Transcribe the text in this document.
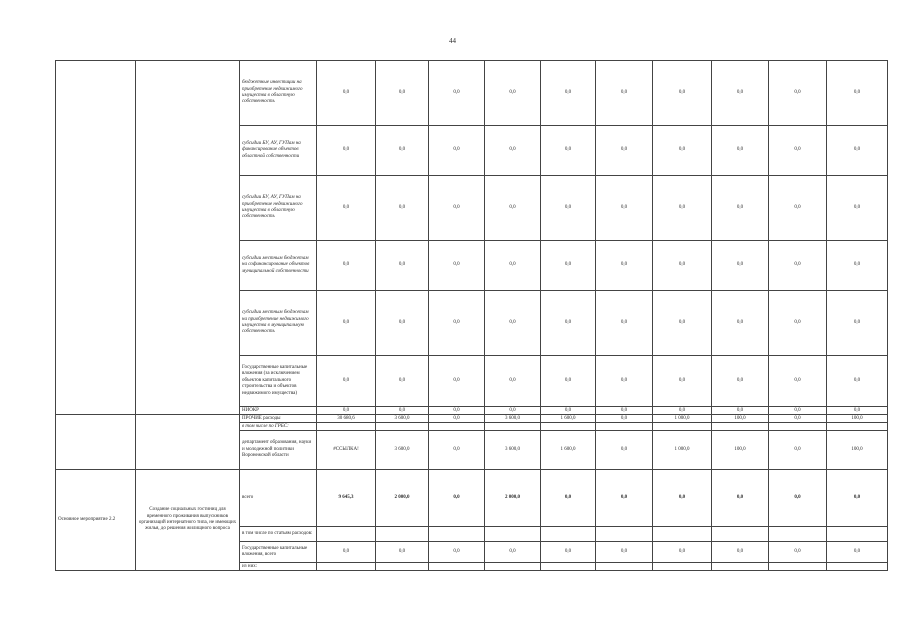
44
		бюджетные инвестиции на приобретение недвижимого имущества в областную собственность	0,0	0,0	0,0	0,0	0,0	0,0	0,0	0,0	0,0	0,0
		субсидии БУ, АУ, ГУПам на финансирование объектов областной собственности	0,0	0,0	0,0	0,0	0,0	0,0	0,0	0,0	0,0	0,0
		субсидии БУ, АУ, ГУПам на приобретение недвижимого имущества в областную собственность	0,0	0,0	0,0	0,0	0,0	0,0	0,0	0,0	0,0	0,0
		субсидии местным бюджетам на софинансирование объектов муниципальной собственности	0,0	0,0	0,0	0,0	0,0	0,0	0,0	0,0	0,0	0,0
		субсидии местным бюджетам на приобретение недвижимого имущества в муниципальную собственность	0,0	0,0	0,0	0,0	0,0	0,0	0,0	0,0	0,0	0,0
		Государственные капитальные вложения (за исключением объектов капитального строительства и объектов недвижимого имущества)	0,0	0,0	0,0	0,0	0,0	0,0	0,0	0,0	0,0	0,0
		НИОКР	0,0	0,0	0,0	0,0	0,0	0,0	0,0	0,0	0,0	0,0
		ПРОЧИЕ расходы	30 680,6	3 600,0	0,0	3 600,0	1 600,0	0,0	1 000,0	100,0	0,0	100,0
		в том числе по ГРБС:										
		департамент образования, науки и молодежной политики Воронежской области	#ССЫЛКА!	3 600,0	0,0	3 600,0	1 600,0	0,0	1 000,0	100,0	0,0	100,0
Основное мероприятие 2.2	Создание социальных гостиниц для временного проживания выпускников организаций интернатного типа, не имеющих жилья, до решения жилищного вопроса	всего	9 645,3	2 000,0	0,0	2 000,0	0,0	0,0	0,0	0,0	0,0	0,0
		в том числе по статьям расходов:										
		Государственные капитальные вложения, всего	0,0	0,0	0,0	0,0	0,0	0,0	0,0	0,0	0,0	0,0
		из них:										
